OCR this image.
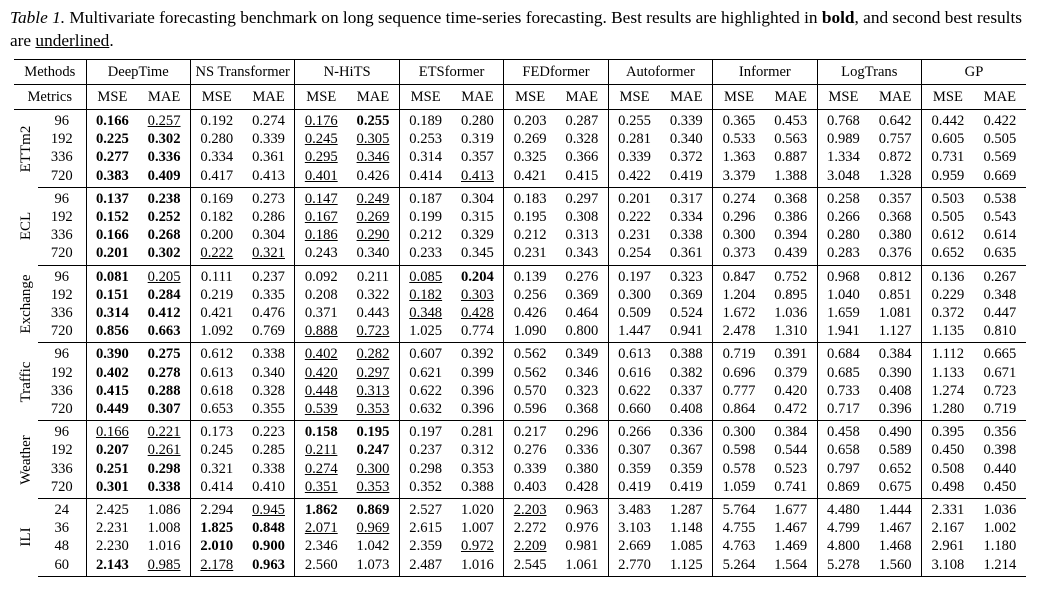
Table 1. Multivariate forecasting benchmark on long sequence time-series forecasting. Best results are highlighted in bold, and second best results are underlined.
Methods		DeepTime		NS Transformer		N-HiTS		ETSformer		FEDformer		Autoformer		Informer		LogTrans		GP	
Metrics		MSE	MAE	MSE	MAE	MSE	MAE	MSE	MAE	MSE	MAE	MSE	MAE	MSE	MAE	MSE	MAE	MSE	MAE

ETTm2	96	0.166	0.257	0.192	0.274	0.176	0.255	0.189	0.280	0.203	0.287	0.255	0.339	0.365	0.453	0.768	0.642	0.442	0.422
	192	0.225	0.302	0.280	0.339	0.245	0.305	0.253	0.319	0.269	0.328	0.281	0.340	0.533	0.563	0.989	0.757	0.605	0.505
	336	0.277	0.336	0.334	0.361	0.295	0.346	0.314	0.357	0.325	0.366	0.339	0.372	1.363	0.887	1.334	0.872	0.731	0.569
	720	0.383	0.409	0.417	0.413	0.401	0.426	0.414	0.413	0.421	0.415	0.422	0.419	3.379	1.388	3.048	1.328	0.959	0.669

ECL	96	0.137	0.238	0.169	0.273	0.147	0.249	0.187	0.304	0.183	0.297	0.201	0.317	0.274	0.368	0.258	0.357	0.503	0.538
	192	0.152	0.252	0.182	0.286	0.167	0.269	0.199	0.315	0.195	0.308	0.222	0.334	0.296	0.386	0.266	0.368	0.505	0.543
	336	0.166	0.268	0.200	0.304	0.186	0.290	0.212	0.329	0.212	0.313	0.231	0.338	0.300	0.394	0.280	0.380	0.612	0.614
	720	0.201	0.302	0.222	0.321	0.243	0.340	0.233	0.345	0.231	0.343	0.254	0.361	0.373	0.439	0.283	0.376	0.652	0.635

Exchange	96	0.081	0.205	0.111	0.237	0.092	0.211	0.085	0.204	0.139	0.276	0.197	0.323	0.847	0.752	0.968	0.812	0.136	0.267
	192	0.151	0.284	0.219	0.335	0.208	0.322	0.182	0.303	0.256	0.369	0.300	0.369	1.204	0.895	1.040	0.851	0.229	0.348
	336	0.314	0.412	0.421	0.476	0.371	0.443	0.348	0.428	0.426	0.464	0.509	0.524	1.672	1.036	1.659	1.081	0.372	0.447
	720	0.856	0.663	1.092	0.769	0.888	0.723	1.025	0.774	1.090	0.800	1.447	0.941	2.478	1.310	1.941	1.127	1.135	0.810

Traffic	96	0.390	0.275	0.612	0.338	0.402	0.282	0.607	0.392	0.562	0.349	0.613	0.388	0.719	0.391	0.684	0.384	1.112	0.665
	192	0.402	0.278	0.613	0.340	0.420	0.297	0.621	0.399	0.562	0.346	0.616	0.382	0.696	0.379	0.685	0.390	1.133	0.671
	336	0.415	0.288	0.618	0.328	0.448	0.313	0.622	0.396	0.570	0.323	0.622	0.337	0.777	0.420	0.733	0.408	1.274	0.723
	720	0.449	0.307	0.653	0.355	0.539	0.353	0.632	0.396	0.596	0.368	0.660	0.408	0.864	0.472	0.717	0.396	1.280	0.719

Weather	96	0.166	0.221	0.173	0.223	0.158	0.195	0.197	0.281	0.217	0.296	0.266	0.336	0.300	0.384	0.458	0.490	0.395	0.356
	192	0.207	0.261	0.245	0.285	0.211	0.247	0.237	0.312	0.276	0.336	0.307	0.367	0.598	0.544	0.658	0.589	0.450	0.398
	336	0.251	0.298	0.321	0.338	0.274	0.300	0.298	0.353	0.339	0.380	0.359	0.359	0.578	0.523	0.797	0.652	0.508	0.440
	720	0.301	0.338	0.414	0.410	0.351	0.353	0.352	0.388	0.403	0.428	0.419	0.419	1.059	0.741	0.869	0.675	0.498	0.450

ILI	24	2.425	1.086	2.294	0.945	1.862	0.869	2.527	1.020	2.203	0.963	3.483	1.287	5.764	1.677	4.480	1.444	2.331	1.036
	36	2.231	1.008	1.825	0.848	2.071	0.969	2.615	1.007	2.272	0.976	3.103	1.148	4.755	1.467	4.799	1.467	2.167	1.002
	48	2.230	1.016	2.010	0.900	2.346	1.042	2.359	0.972	2.209	0.981	2.669	1.085	4.763	1.469	4.800	1.468	2.961	1.180
	60	2.143	0.985	2.178	0.963	2.560	1.073	2.487	1.016	2.545	1.061	2.770	1.125	5.264	1.564	5.278	1.560	3.108	1.214
